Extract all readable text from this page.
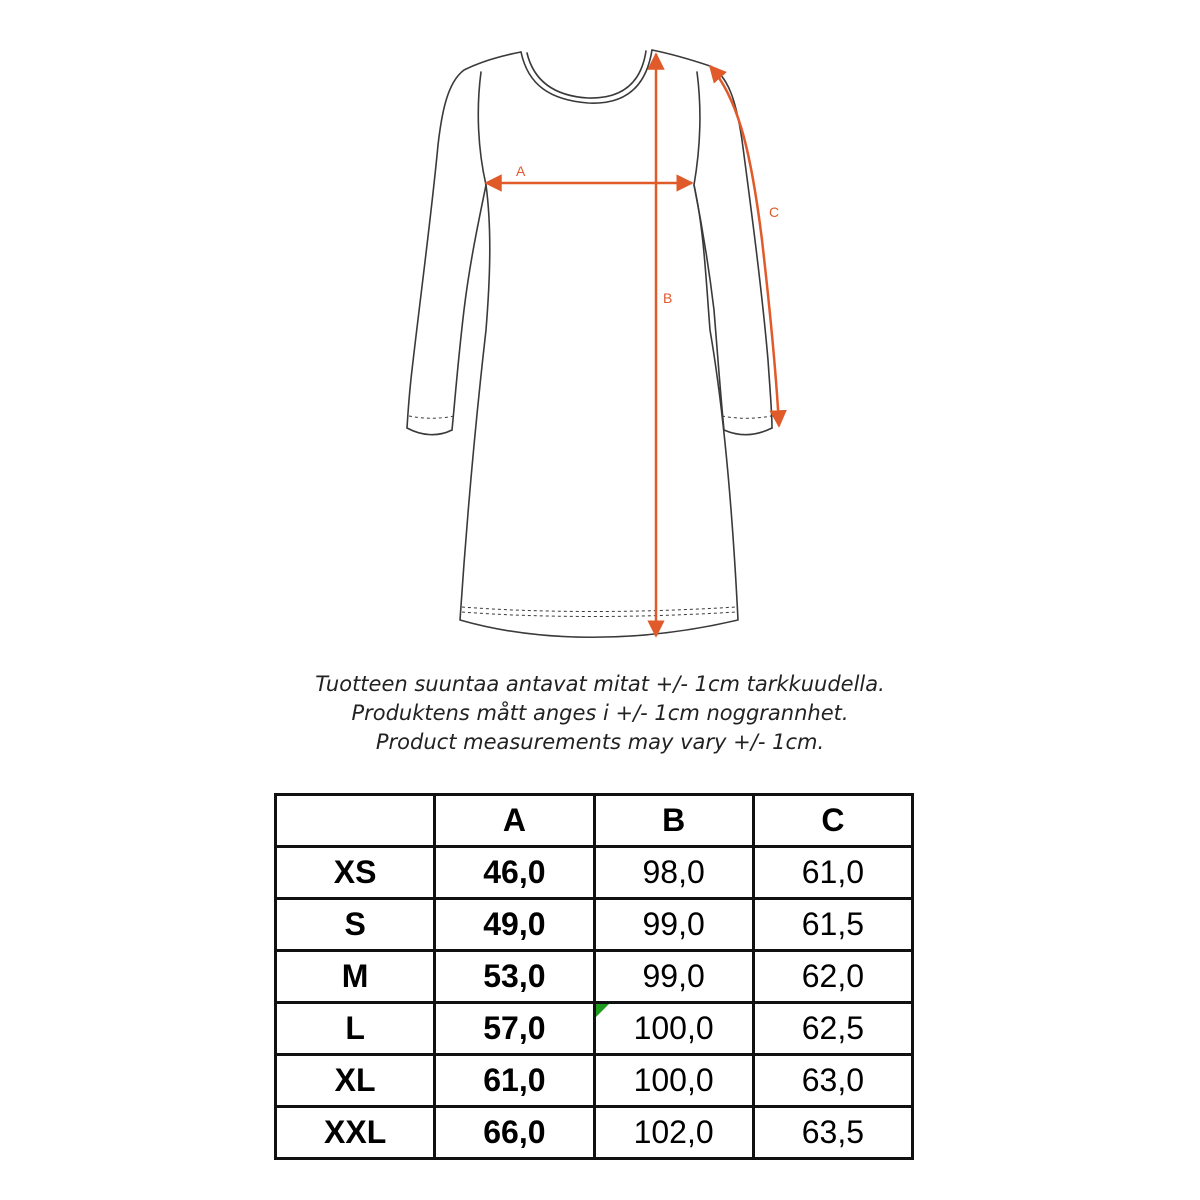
A
B
C
Tuotteen suuntaa antavat mitat +/- 1cm tarkkuudella.
Produktens mått anges i +/- 1cm noggrannhet.
Product measurements may vary +/- 1cm.
	A	B	C
XS	46,0	98,0	61,0
S	49,0	99,0	61,5
M	53,0	99,0	62,0
L	57,0	100,0	62,5
XL	61,0	100,0	63,0
XXL	66,0	102,0	63,5
